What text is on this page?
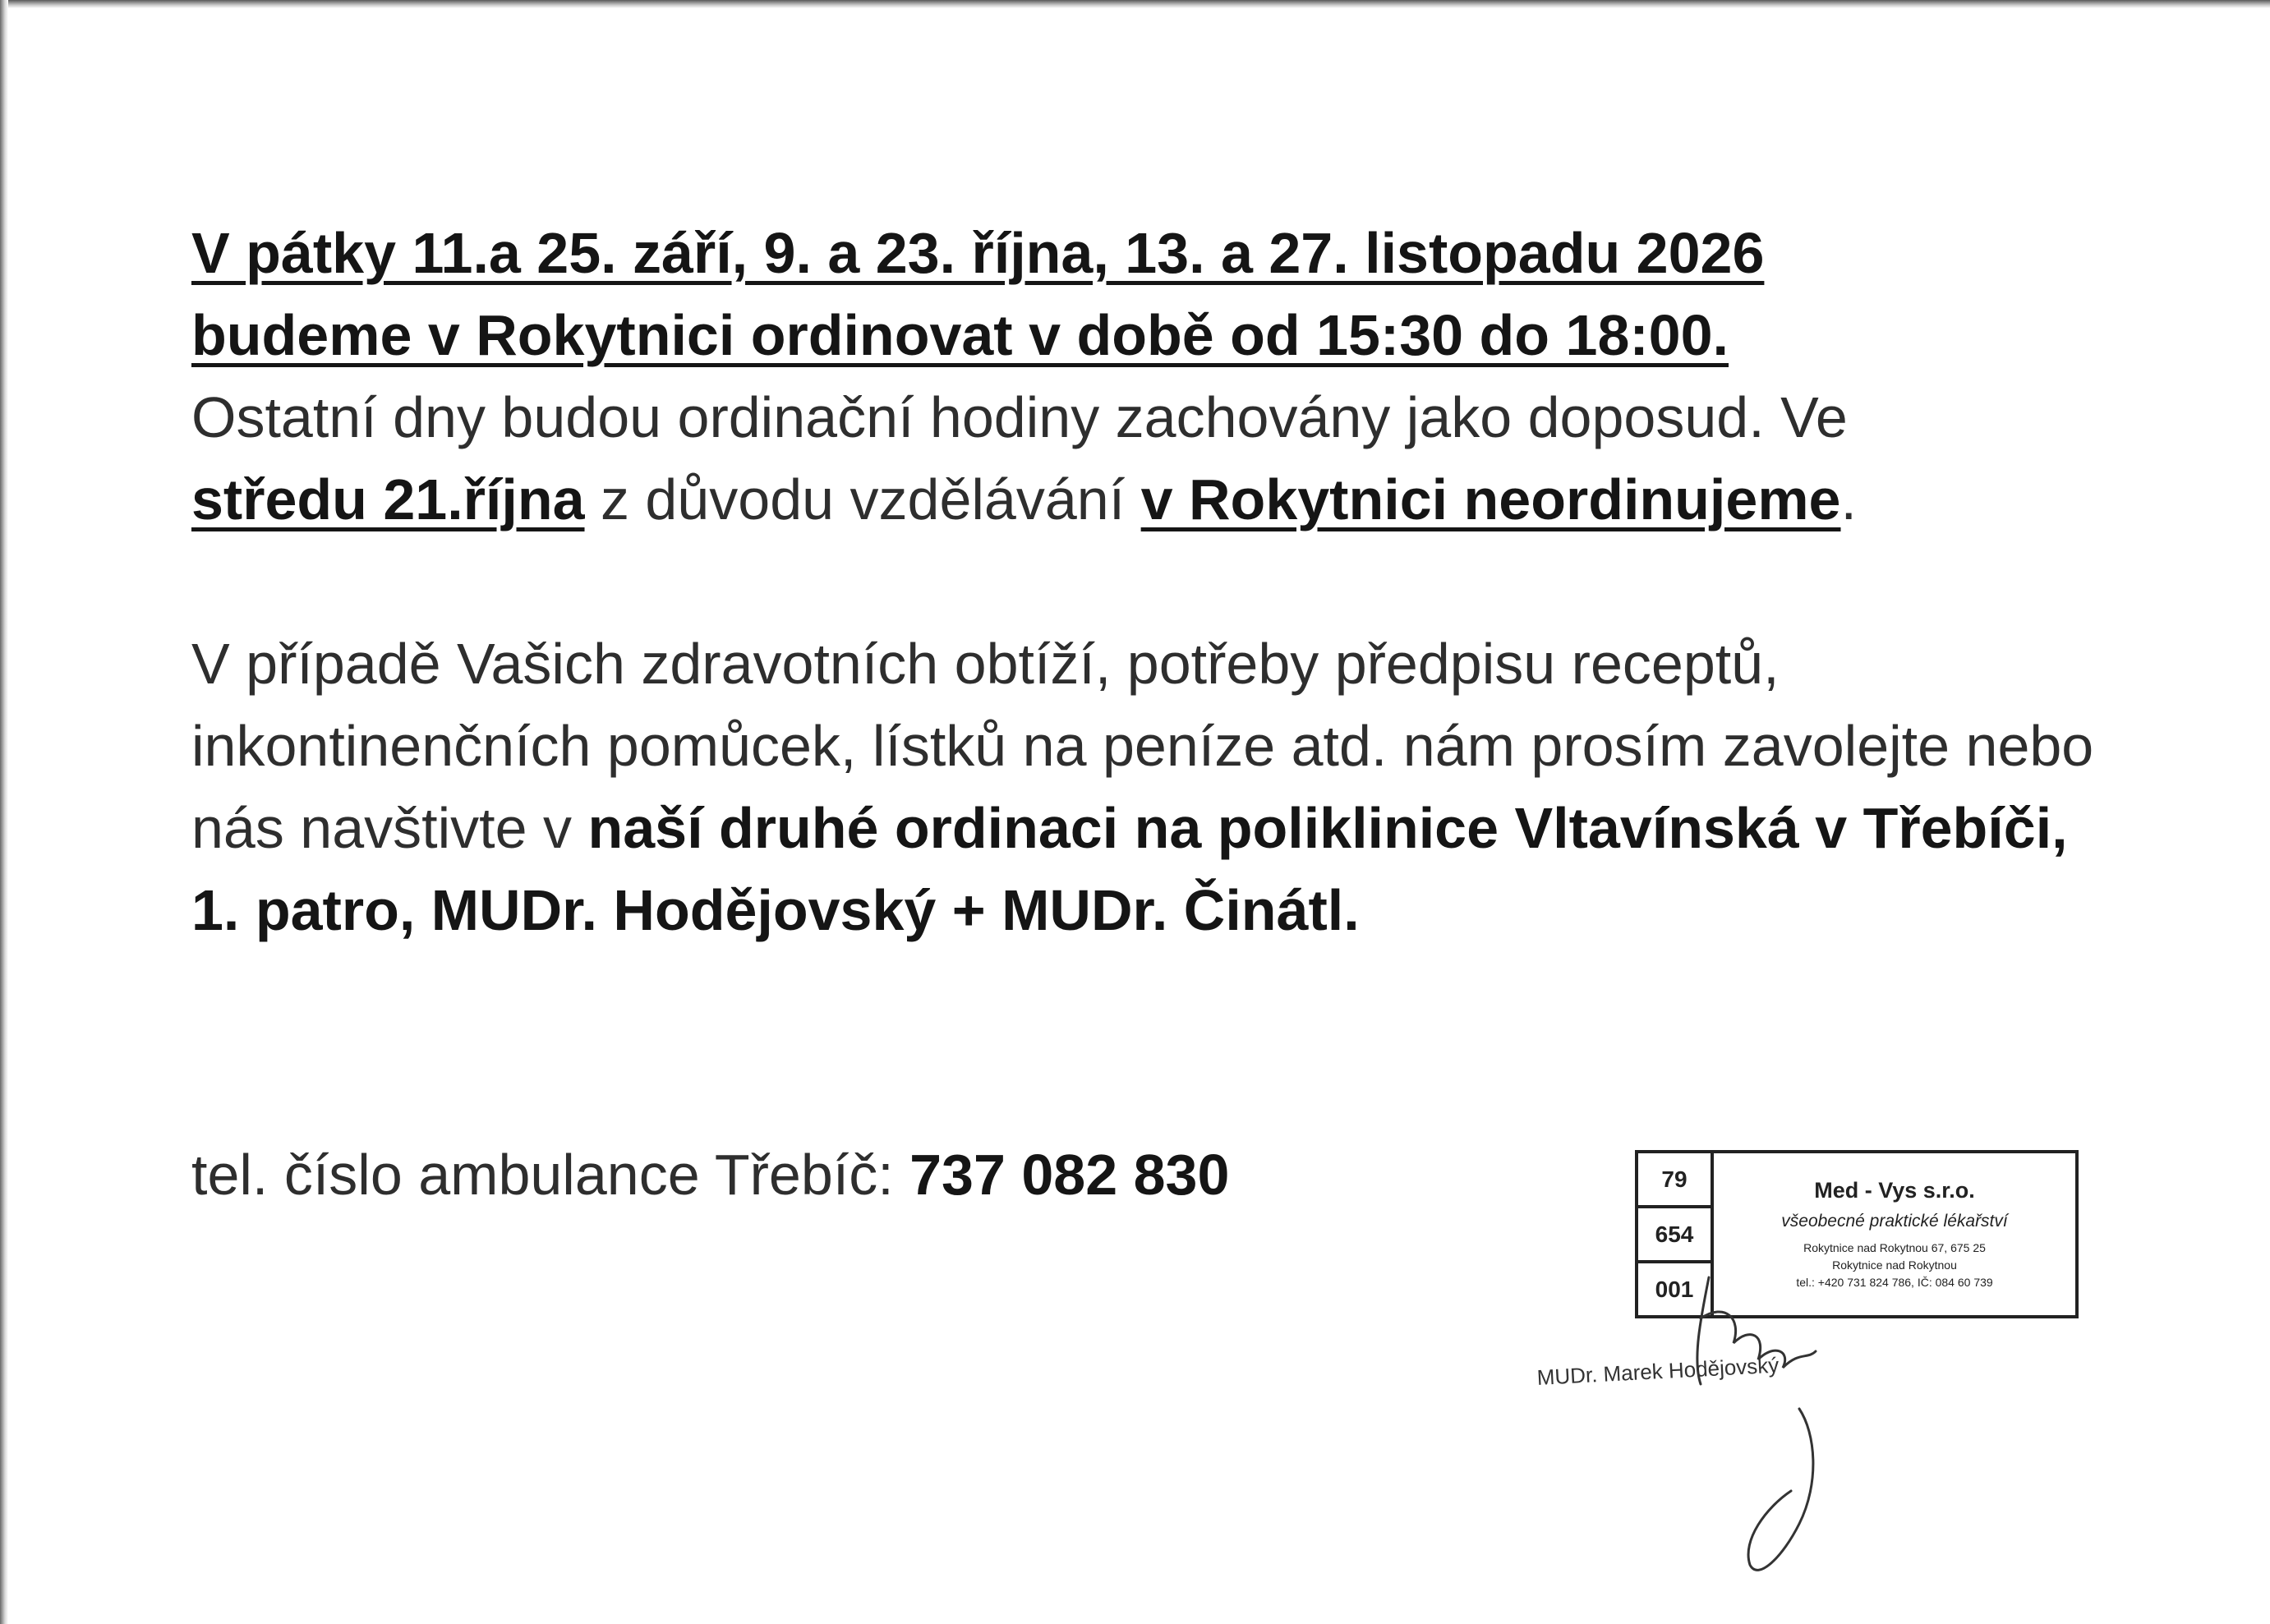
V pátky 11.a 25. září, 9. a 23. října, 13. a 27. listopadu 2026
budeme v Rokytnici ordinovat v době od 15:30 do 18:00.
Ostatní dny budou ordinační hodiny zachovány jako doposud. Ve
středu 21.října z důvodu vzdělávání v Rokytnici neordinujeme.

V případě Vašich zdravotních obtíží, potřeby předpisu receptů, inkontinenčních pomůcek, lístků na peníze atd. nám prosím zavolejte nebo nás navštivte v naší druhé ordinaci na poliklinice Vltavínská v Třebíči, 1. patro, MUDr. Hodějovský + MUDr. Činátl.

tel. číslo ambulance Třebíč: 737 082 830	79
654
001
Med - Vys s.r.o.
všeobecné praktické lékařství
Rokytnice nad Rokytnou 67, 675 25
Rokytnice nad Rokytnou
tel.: +420 731 824 786, IČ: 084 60 739
MUDr. Marek Hodějovský
